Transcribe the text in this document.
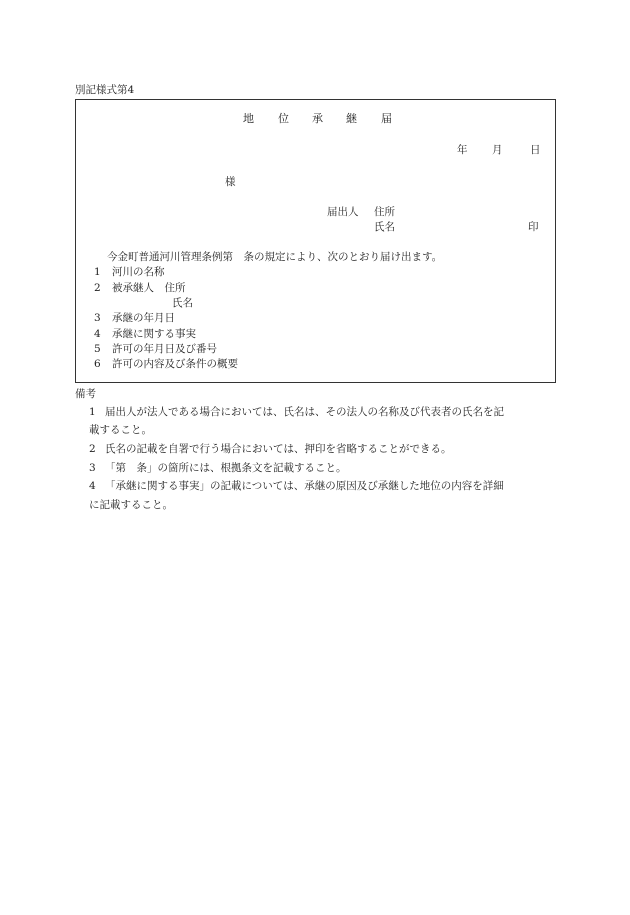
別記様式第4
地 位 承 継 届
年 月	日
様
届出人 住所
氏名	印
今金町普通河川管理条例第　条の規定により、次のとおり届け出ます。
1 河川の名称
2 被承継人　住所
氏名
3 承継の年月日
4 承継に関する事実
5 許可の年月日及び番号
6 許可の内容及び条件の概要
備考
1 届出人が法人である場合においては、氏名は、その法人の名称及び代表者の氏名を記
載すること。
2 氏名の記載を自署で行う場合においては、押印を省略することができる。
3 「第　条」の箇所には、根拠条文を記載すること。
4 「承継に関する事実」の記載については、承継の原因及び承継した地位の内容を詳細
に記載すること。
